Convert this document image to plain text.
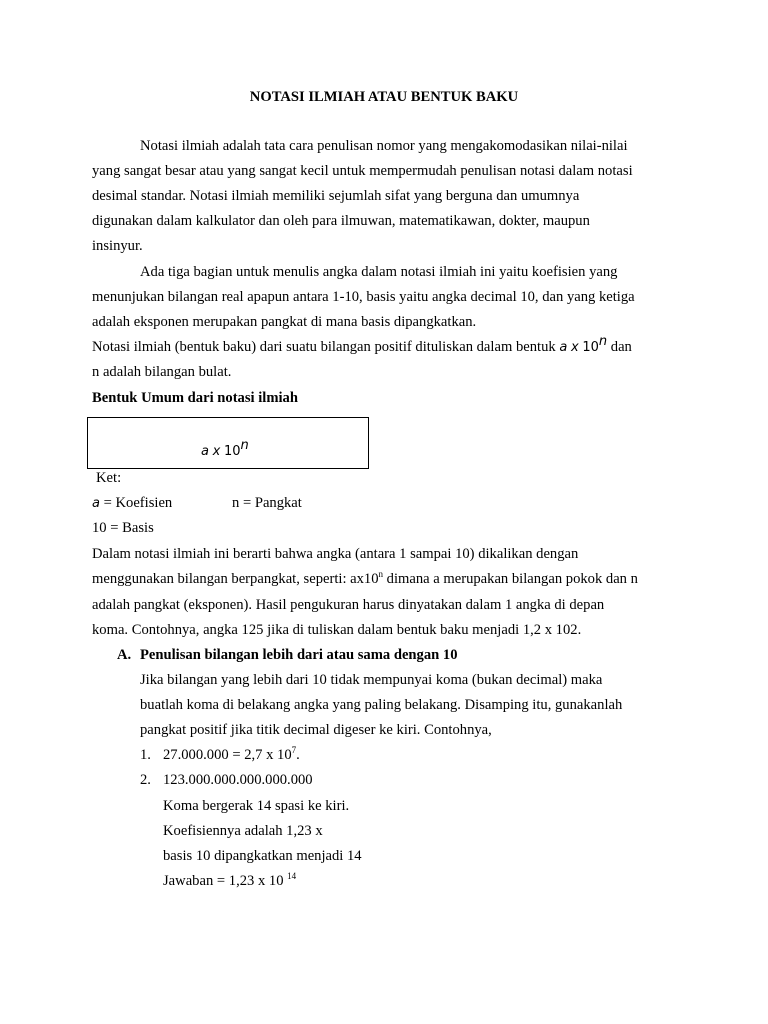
NOTASI ILMIAH ATAU BENTUK BAKU
Notasi ilmiah adalah tata cara penulisan nomor yang mengakomodasikan nilai-nilai
yang sangat besar atau yang sangat kecil untuk mempermudah penulisan notasi dalam notasi
desimal standar. Notasi ilmiah memiliki sejumlah sifat yang berguna dan umumnya
digunakan dalam kalkulator dan oleh para ilmuwan, matematikawan, dokter, maupun
insinyur.
Ada tiga bagian untuk menulis angka dalam notasi ilmiah ini yaitu koefisien yang
menunjukan bilangan real apapun antara 1-10, basis yaitu angka decimal 10, dan yang ketiga
adalah eksponen merupakan pangkat di mana basis dipangkatkan.
Notasi ilmiah (bentuk baku) dari suatu bilangan positif dituliskan dalam bentuk a x 10$^n$ dan
n adalah bilangan bulat.
Bentuk Umum dari notasi ilmiah
a x 10$^n$
Ket:
a = Koefisien	n = Pangkat
10 = Basis
Dalam notasi ilmiah ini berarti bahwa angka (antara 1 sampai 10) dikalikan dengan
menggunakan bilangan berpangkat, seperti: ax10$^n$ dimana a merupakan bilangan pokok dan n
adalah pangkat (eksponen). Hasil pengukuran harus dinyatakan dalam 1 angka di depan
koma. Contohnya, angka 125 jika di tuliskan dalam bentuk baku menjadi 1,2 x 102.
A. Penulisan bilangan lebih dari atau sama dengan 10
Jika bilangan yang lebih dari 10 tidak mempunyai koma (bukan decimal) maka
buatlah koma di belakang angka yang paling belakang. Disamping itu, gunakanlah
pangkat positif jika titik decimal digeser ke kiri. Contohnya,
1. 27.000.000 = 2,7 x $10^7$.
2. 123.000.000.000.000.000
Koma bergerak 14 spasi ke kiri.
Koefisiennya adalah 1,23 x
basis 10 dipangkatkan menjadi 14
Jawaban = 1,23 x 10 $^{14}$
